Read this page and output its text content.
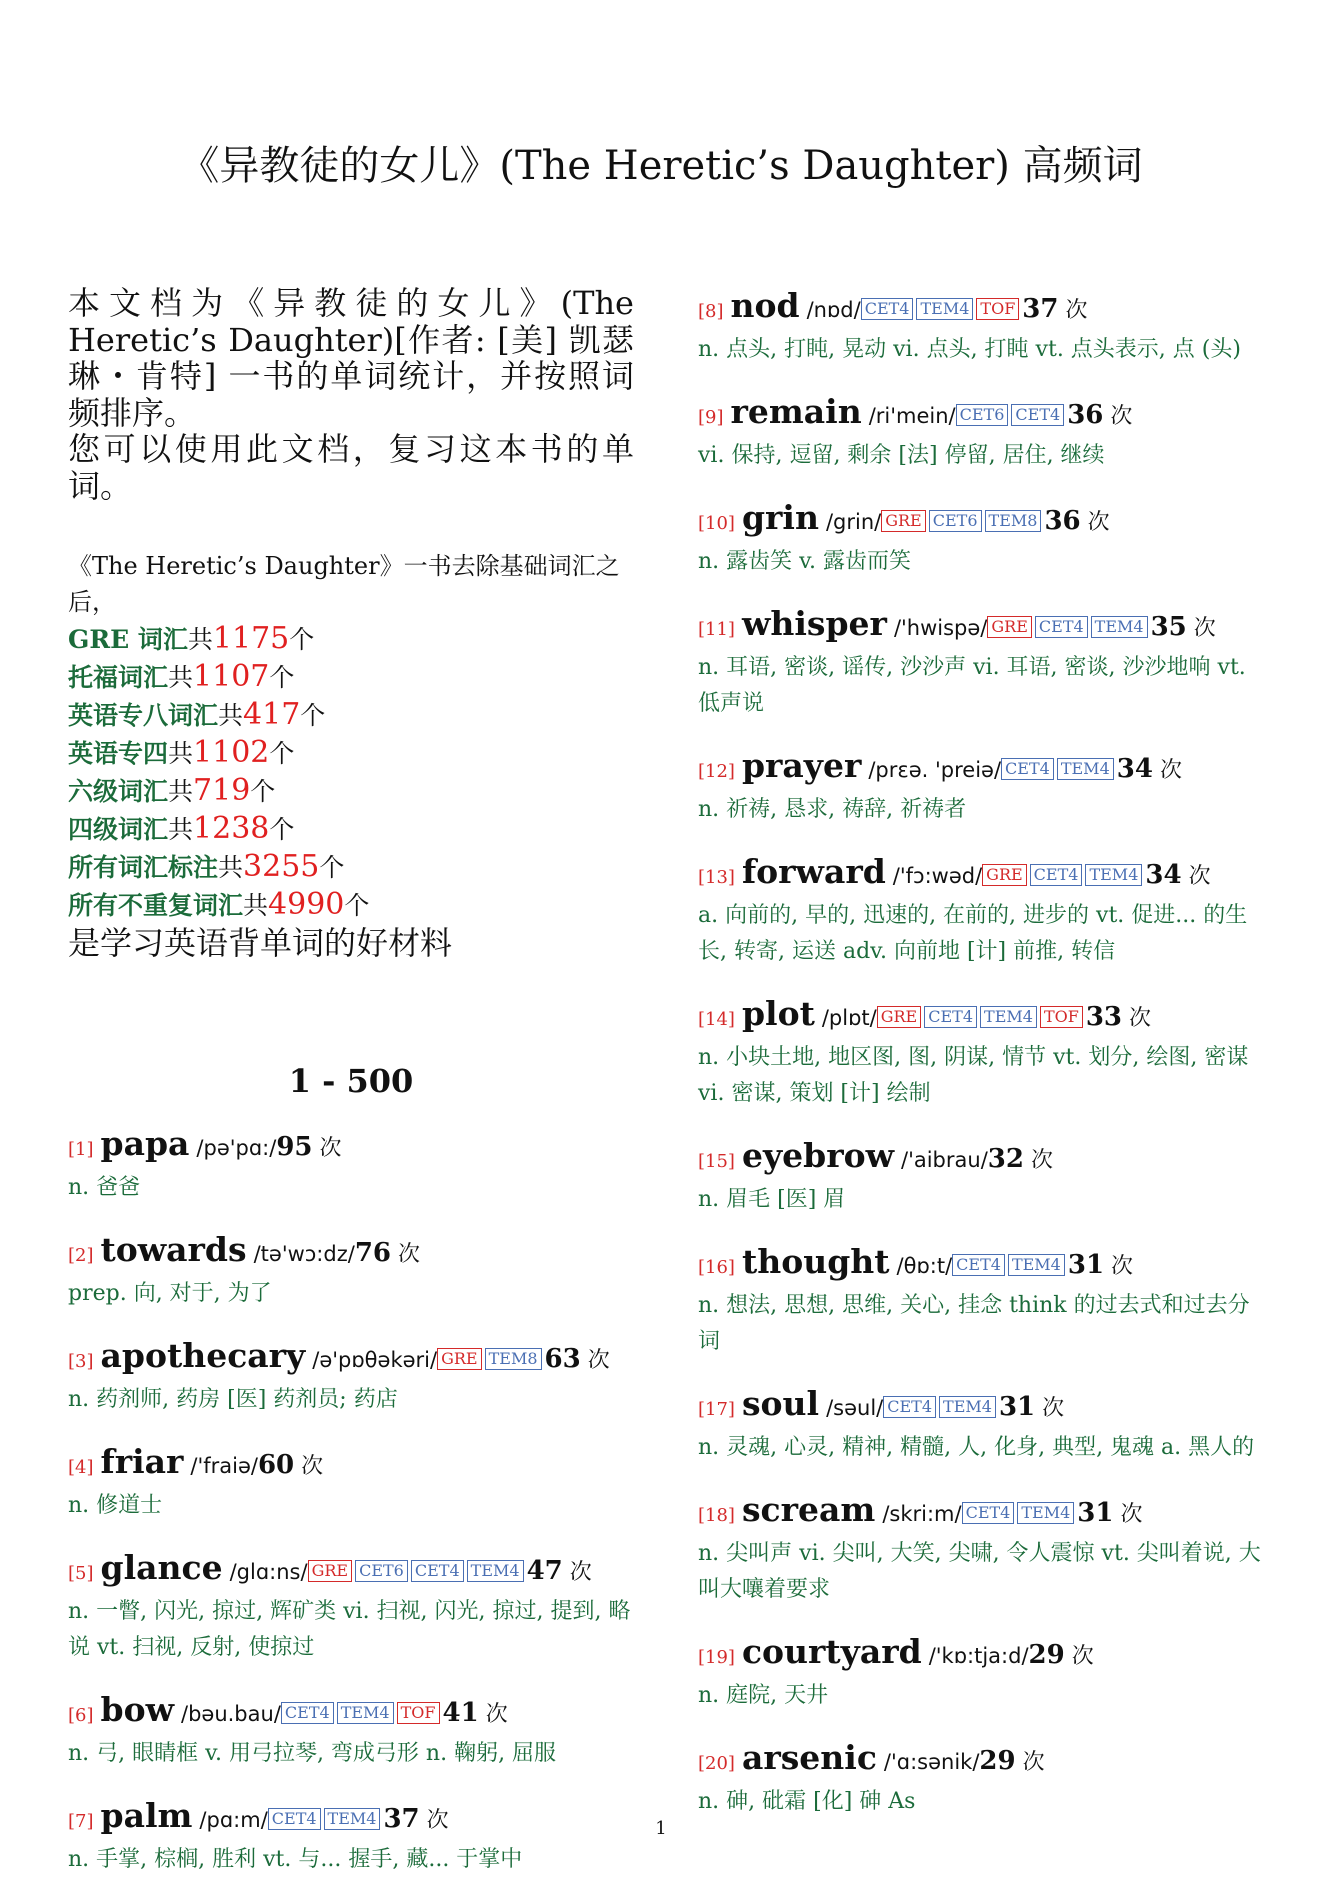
《异教徒的女儿》(The Heretic’s Daughter) 高频词
本文档为《异教徒的女儿》(The
Heretic’s Daughter)[作者: [美] 凯瑟
琳・肯特] 一书的单词统计，并按照词
频排序。
您可以使用此文档，复习这本书的单
词。

《The Heretic’s Daughter》一书去除基础词汇之后，

GRE 词汇共1175个
托福词汇共1107个
英语专八词汇共417个
英语专四共1102个
六级词汇共719个
四级词汇共1238个
所有词汇标注共3255个
所有不重复词汇共4990个
是学习英语背单词的好材料
1 - 500
[1] papa /pə'pɑ:/95 次
n. 爸爸
[2] towards /tə'wɔ:dz/76 次
prep. 向, 对于, 为了
[3] apothecary /ə'pɒθəkəri/ GRE TEM8 63 次
n. 药剂师, 药房 [医] 药剂员; 药店
[4] friar /'fraiə/60 次
n. 修道士
[5] glance /glɑ:ns/ GRE CET6 CET4 TEM4 47 次
n. 一瞥, 闪光, 掠过, 辉矿类 vi. 扫视, 闪光, 掠过, 提到, 略说 vt. 扫视, 反射, 使掠过
[6] bow /bəu.bau/ CET4 TEM4 TOF 41 次
n. 弓, 眼睛框 v. 用弓拉琴, 弯成弓形 n. 鞠躬, 屈服
[7] palm /pɑ:m/ CET4 TEM4 37 次
n. 手掌, 棕榈, 胜利 vt. 与... 握手, 藏... 于掌中
[8] nod /nɒd/ CET4 TEM4 TOF 37 次
n. 点头, 打盹, 晃动 vi. 点头, 打盹 vt. 点头表示, 点 (头)
[9] remain /ri'mein/ CET6 CET4 36 次
vi. 保持, 逗留, 剩余 [法] 停留, 居住, 继续
[10] grin /grin/ GRE CET6 TEM8 36 次
n. 露齿笑 v. 露齿而笑
[11] whisper /'hwispə/ GRE CET4 TEM4 35 次
n. 耳语, 密谈, 谣传, 沙沙声 vi. 耳语, 密谈, 沙沙地响 vt. 低声说
[12] prayer /prεə. 'preiə/ CET4 TEM4 34 次
n. 祈祷, 恳求, 祷辞, 祈祷者
[13] forward /'fɔ:wəd/ GRE CET4 TEM4 34 次
a. 向前的, 早的, 迅速的, 在前的, 进步的 vt. 促进... 的生长, 转寄, 运送 adv. 向前地 [计] 前推, 转信
[14] plot /plɒt/ GRE CET4 TEM4 TOF 33 次
n. 小块土地, 地区图, 图, 阴谋, 情节 vt. 划分, 绘图, 密谋 vi. 密谋, 策划 [计] 绘制
[15] eyebrow /'aibrau/32 次
n. 眉毛 [医] 眉
[16] thought /θɒ:t/ CET4 TEM4 31 次
n. 想法, 思想, 思维, 关心, 挂念 think 的过去式和过去分词
[17] soul /səul/ CET4 TEM4 31 次
n. 灵魂, 心灵, 精神, 精髓, 人, 化身, 典型, 鬼魂 a. 黑人的
[18] scream /skri:m/ CET4 TEM4 31 次
n. 尖叫声 vi. 尖叫, 大笑, 尖啸, 令人震惊 vt. 尖叫着说, 大叫大嚷着要求
[19] courtyard /'kɒ:tja:d/29 次
n. 庭院, 天井
[20] arsenic /'ɑ:sənik/29 次
n. 砷, 砒霜 [化] 砷 As
1
